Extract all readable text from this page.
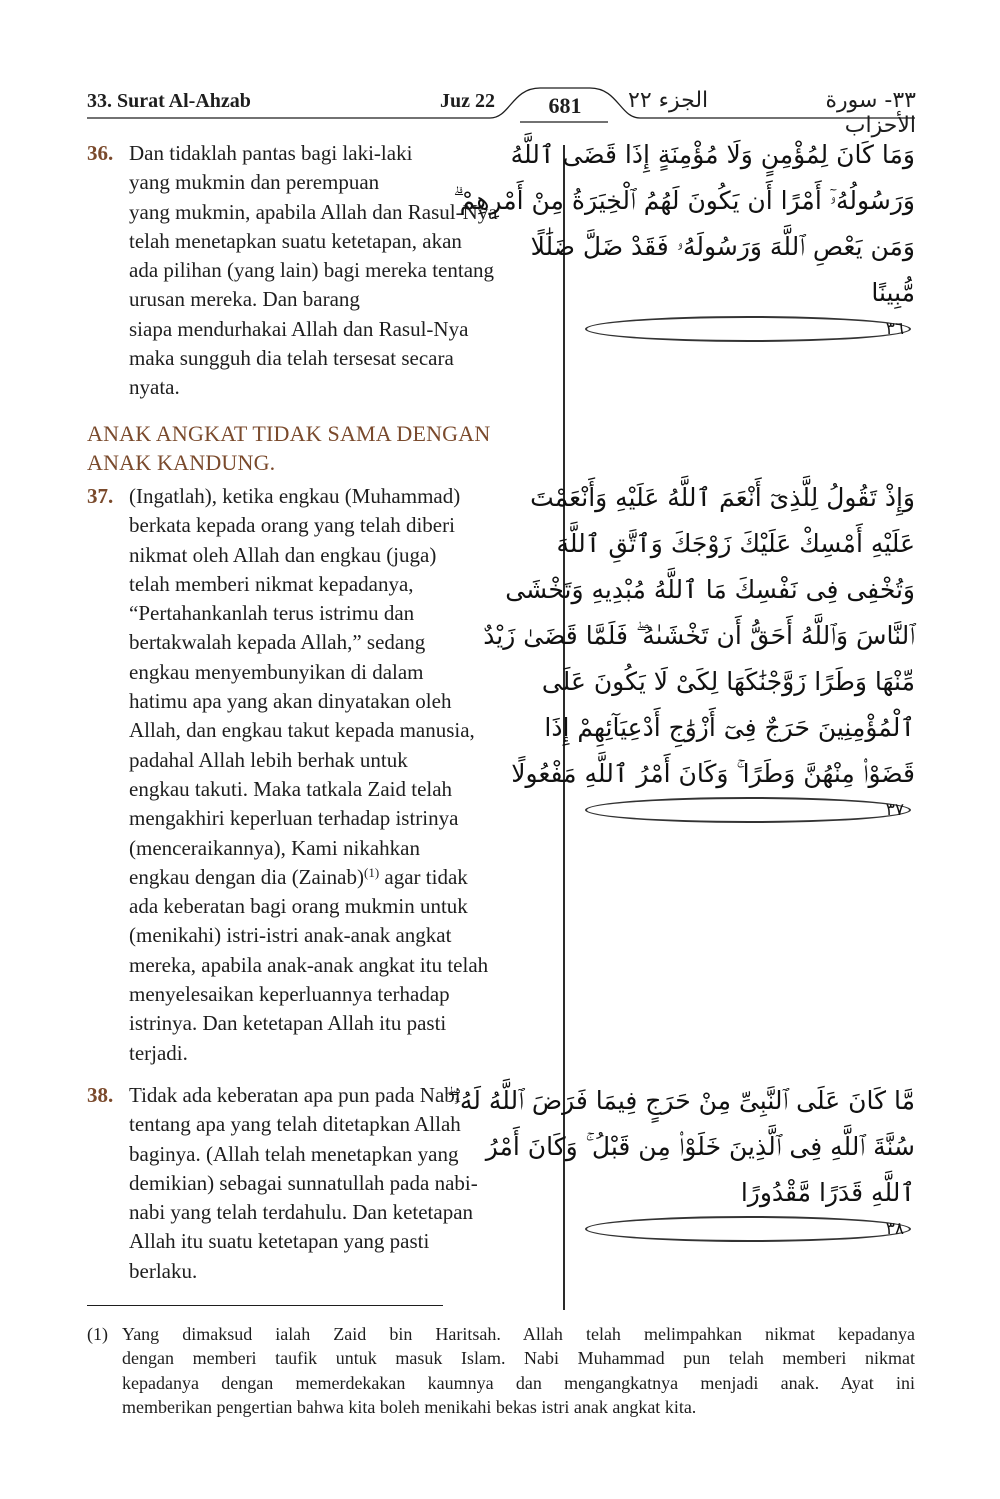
33. Surat Al-Ahzab	Juz 22	681	الجزء ٢٢	٣٣- سورة الأحزاب
36. Dan tidaklah pantas bagi laki-laki
yang mukmin dan perempuan
yang mukmin, apabila Allah dan Rasul-Nya
telah menetapkan suatu ketetapan, akan
ada pilihan (yang lain) bagi mereka tentang
urusan mereka. Dan barang
siapa mendurhakai Allah dan Rasul-Nya
maka sungguh dia telah tersesat secara
nyata.
ANAK ANGKAT TIDAK SAMA DENGAN
ANAK KANDUNG.
37. (Ingatlah), ketika engkau (Muhammad)
berkata kepada orang yang telah diberi
nikmat oleh Allah dan engkau (juga)
telah memberi nikmat kepadanya,
“Pertahankanlah terus istrimu dan
bertakwalah kepada Allah,” sedang
engkau menyembunyikan di dalam
hatimu apa yang akan dinyatakan oleh
Allah, dan engkau takut kepada manusia,
padahal Allah lebih berhak untuk
engkau takuti. Maka tatkala Zaid telah
mengakhiri keperluan terhadap istrinya
(menceraikannya), Kami nikahkan
engkau dengan dia (Zainab)$^{(1)}$ agar tidak
ada keberatan bagi orang mukmin untuk
(menikahi) istri-istri anak-anak angkat
mereka, apabila anak-anak angkat itu telah
menyelesaikan keperluannya terhadap
istrinya. Dan ketetapan Allah itu pasti
terjadi.
38. Tidak ada keberatan apa pun pada Nabi
tentang apa yang telah ditetapkan Allah
baginya. (Allah telah menetapkan yang
demikian) sebagai sunnatullah pada nabi-
nabi yang telah terdahulu. Dan ketetapan
Allah itu suatu ketetapan yang pasti
berlaku.
وَمَا كَانَ لِمُؤْمِنٍ وَلَا مُؤْمِنَةٍ إِذَا قَضَى ٱللَّهُ
وَرَسُولُهُۥٓ أَمْرًا أَن يَكُونَ لَهُمُ ٱلْخِيَرَةُ مِنْ أَمْرِهِمْ ۗ
وَمَن يَعْصِ ٱللَّهَ وَرَسُولَهُۥ فَقَدْ ضَلَّ ضَلَٰلًا
مُّبِينًا
٣٦
وَإِذْ تَقُولُ لِلَّذِىٓ أَنْعَمَ ٱللَّهُ عَلَيْهِ وَأَنْعَمْتَ
عَلَيْهِ أَمْسِكْ عَلَيْكَ زَوْجَكَ وَٱتَّقِ ٱللَّهَ
وَتُخْفِى فِى نَفْسِكَ مَا ٱللَّهُ مُبْدِيهِ وَتَخْشَى
ٱلنَّاسَ وَٱللَّهُ أَحَقُّ أَن تَخْشَىٰهُ ۖ فَلَمَّا قَضَىٰ زَيْدٌ
مِّنْهَا وَطَرًا زَوَّجْنَٰكَهَا لِكَىْ لَا يَكُونَ عَلَى
ٱلْمُؤْمِنِينَ حَرَجٌ فِىٓ أَزْوَٰجِ أَدْعِيَآئِهِمْ إِذَا
قَضَوْا۟ مِنْهُنَّ وَطَرًا ۚ وَكَانَ أَمْرُ ٱللَّهِ مَفْعُولًا
٣٧
مَّا كَانَ عَلَى ٱلنَّبِىِّ مِنْ حَرَجٍ فِيمَا فَرَضَ ٱللَّهُ لَهُۥ ۖ
سُنَّةَ ٱللَّهِ فِى ٱلَّذِينَ خَلَوْا۟ مِن قَبْلُ ۚ وَكَانَ أَمْرُ
ٱللَّهِ قَدَرًا مَّقْدُورًا
٣٨
(1) Yang dimaksud ialah Zaid bin Haritsah. Allah telah melimpahkan nikmat kepadanya
dengan memberi taufik untuk masuk Islam. Nabi Muhammad pun telah memberi nikmat
kepadanya dengan memerdekakan kaumnya dan mengangkatnya menjadi anak. Ayat ini
memberikan pengertian bahwa kita boleh menikahi bekas istri anak angkat kita.
